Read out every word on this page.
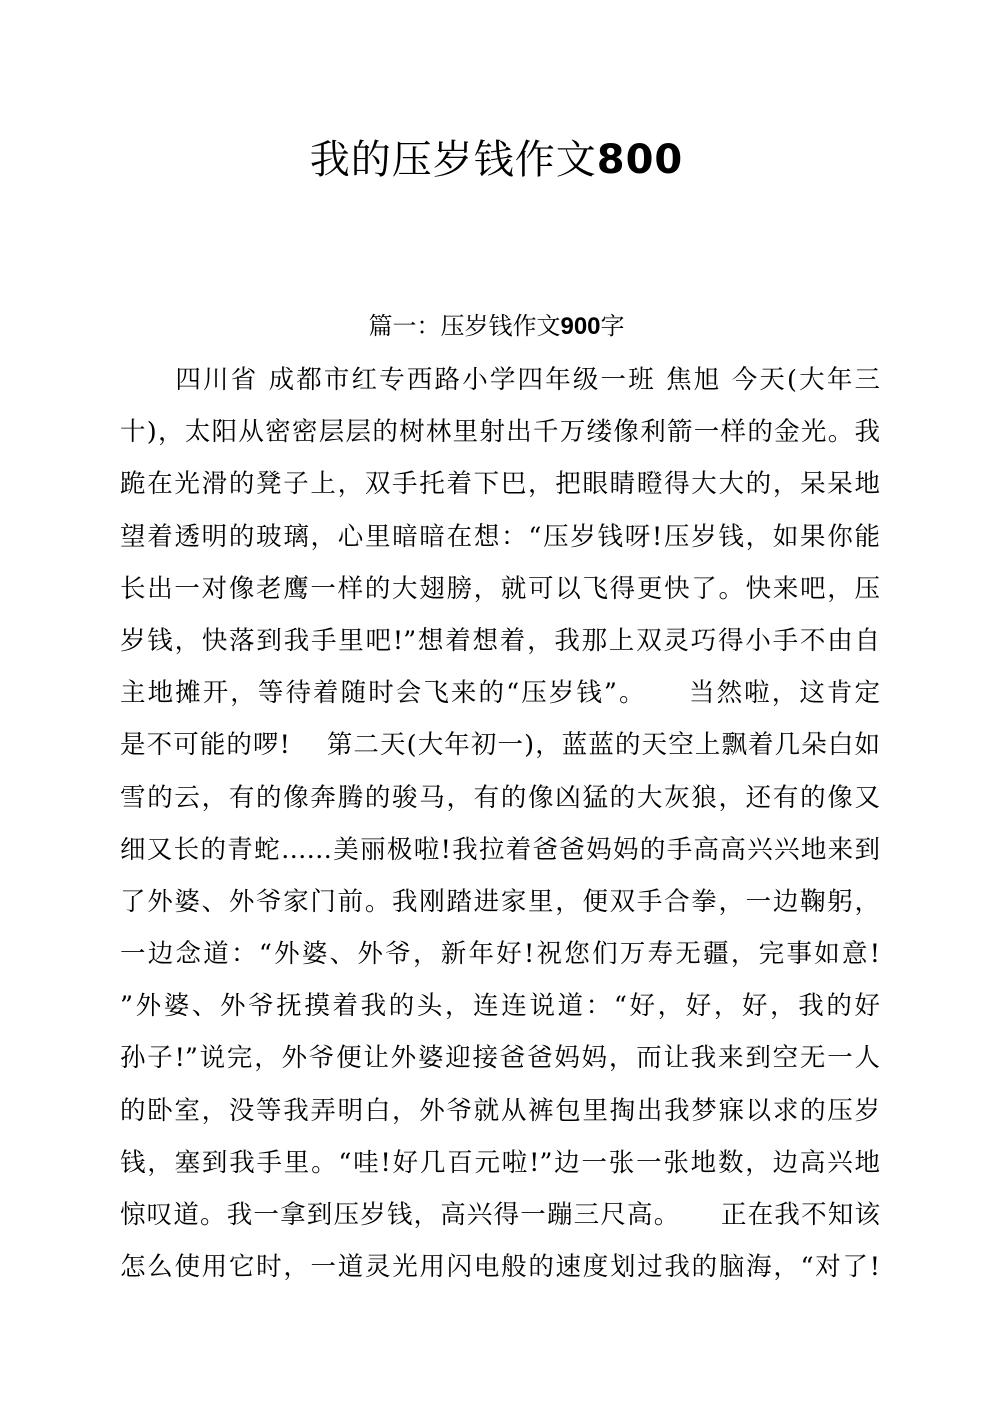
我的压岁钱作文800
篇一：压岁钱作文900字
　　四川省 成都市红专西路小学四年级一班 焦旭 今天(大年三
十)，太阳从密密层层的树林里射出千万缕像利箭一样的金光。我
跪在光滑的凳子上，双手托着下巴，把眼睛瞪得大大的，呆呆地
望着透明的玻璃，心里暗暗在想：“压岁钱呀!压岁钱，如果你能
长出一对像老鹰一样的大翅膀，就可以飞得更快了。快来吧，压
岁钱，快落到我手里吧!”想着想着，我那上双灵巧得小手不由自
主地摊开，等待着随时会飞来的“压岁钱”。　　当然啦，这肯定
是不可能的啰!　 第二天(大年初一)，蓝蓝的天空上飘着几朵白如
雪的云，有的像奔腾的骏马，有的像凶猛的大灰狼，还有的像又
细又长的青蛇……美丽极啦!我拉着爸爸妈妈的手高高兴兴地来到
了外婆、外爷家门前。我刚踏进家里，便双手合拳，一边鞠躬，
一边念道：“外婆、外爷，新年好!祝您们万寿无疆，完事如意!
”外婆、外爷抚摸着我的头，连连说道：“好，好，好，我的好
孙子!”说完，外爷便让外婆迎接爸爸妈妈，而让我来到空无一人
的卧室，没等我弄明白，外爷就从裤包里掏出我梦寐以求的压岁
钱，塞到我手里。“哇!好几百元啦!”边一张一张地数，边高兴地
惊叹道。我一拿到压岁钱，高兴得一蹦三尺高。　　正在我不知该
怎么使用它时，一道灵光用闪电般的速度划过我的脑海，“对了!
